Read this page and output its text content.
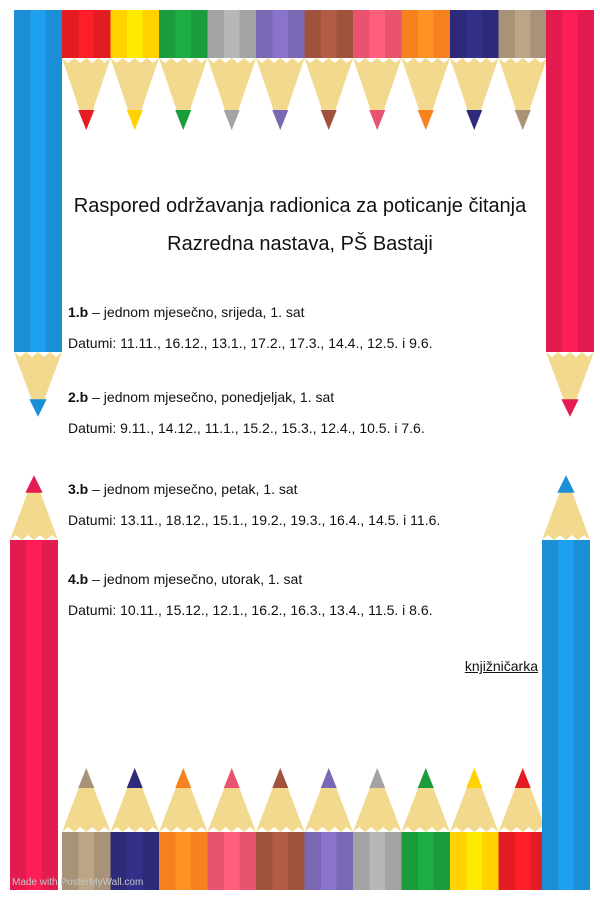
Raspored održavanja radionica za poticanje čitanja
Razredna nastava, PŠ Bastaji
1.b – jednom mjesečno, srijeda, 1. sat
Datumi: 11.11., 16.12., 13.1., 17.2., 17.3., 14.4., 12.5. i 9.6.
2.b – jednom mjesečno, ponedjeljak, 1. sat
Datumi: 9.11., 14.12., 11.1., 15.2., 15.3., 12.4., 10.5. i 7.6.
3.b – jednom mjesečno, petak, 1. sat
Datumi: 13.11., 18.12., 15.1., 19.2., 19.3., 16.4., 14.5. i 11.6.
4.b – jednom mjesečno, utorak, 1. sat
Datumi: 10.11., 15.12., 12.1., 16.2., 16.3., 13.4., 11.5. i 8.6.
knjižničarka
Made with PosterMyWall.com
